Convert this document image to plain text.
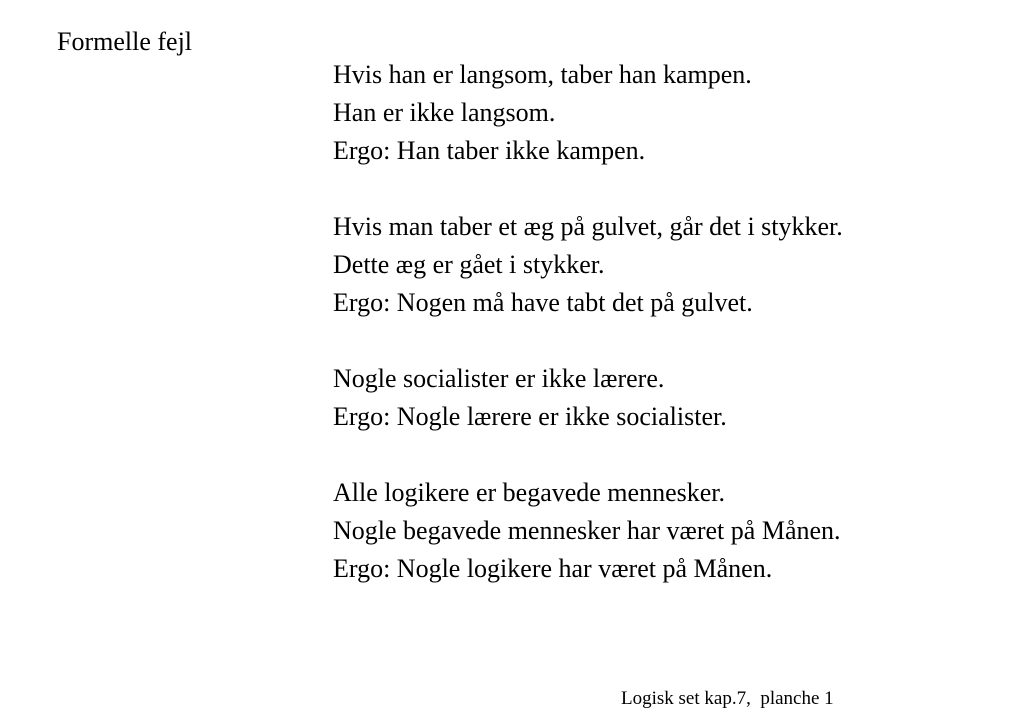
Formelle fejl
Hvis han er langsom, taber han kampen.
Han er ikke langsom.
Ergo: Han taber ikke kampen.
Hvis man taber et æg på gulvet, går det i stykker.
Dette æg er gået i stykker.
Ergo: Nogen må have tabt det på gulvet.
Nogle socialister er ikke lærere.
Ergo: Nogle lærere er ikke socialister.
Alle logikere er begavede mennesker.
Nogle begavede mennesker har været på Månen.
Ergo: Nogle logikere har været på Månen.
Logisk set kap.7,  planche 1
